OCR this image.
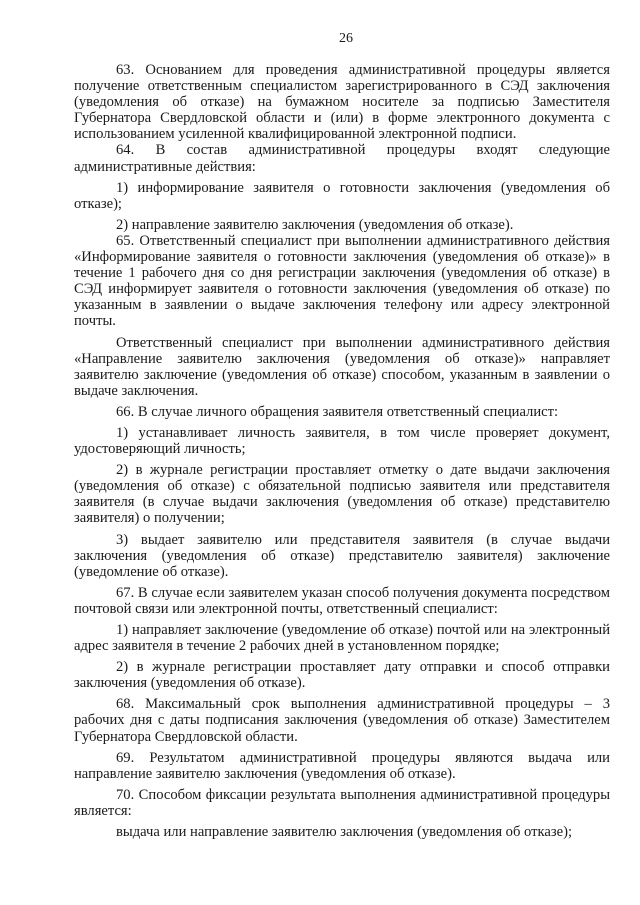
26

63. Основанием для проведения административной процедуры является получение ответственным специалистом зарегистрированного в СЭД заключения (уведомления об отказе) на бумажном носителе за подписью Заместителя Губернатора Свердловской области и (или) в форме электронного документа с использованием усиленной квалифицированной электронной подписи.

64. В состав административной процедуры входят следующие административные действия:

1) информирование заявителя о готовности заключения (уведомления об отказе);

2) направление заявителю заключения (уведомления об отказе).

65. Ответственный специалист при выполнении административного действия «Информирование заявителя о готовности заключения (уведомления об отказе)» в течение 1 рабочего дня со дня регистрации заключения (уведомления об отказе) в СЭД информирует заявителя о готовности заключения (уведомления об отказе) по указанным в заявлении о выдаче заключения телефону или адресу электронной почты.

Ответственный специалист при выполнении административного действия «Направление заявителю заключения (уведомления об отказе)» направляет заявителю заключение (уведомления об отказе) способом, указанным в заявлении о выдаче заключения.

66. В случае личного обращения заявителя ответственный специалист:

1) устанавливает личность заявителя, в том числе проверяет документ, удостоверяющий личность;

2) в журнале регистрации проставляет отметку о дате выдачи заключения (уведомления об отказе) с обязательной подписью заявителя или представителя заявителя (в случае выдачи заключения (уведомления об отказе) представителю заявителя) о получении;

3) выдает заявителю или представителя заявителя (в случае выдачи заключения (уведомления об отказе) представителю заявителя) заключение (уведомление об отказе).

67. В случае если заявителем указан способ получения документа посредством почтовой связи или электронной почты, ответственный специалист:

1) направляет заключение (уведомление об отказе) почтой или на электронный адрес заявителя в течение 2 рабочих дней в установленном порядке;

2) в журнале регистрации проставляет дату отправки и способ отправки заключения (уведомления об отказе).

68. Максимальный срок выполнения административной процедуры – 3 рабочих дня с даты подписания заключения (уведомления об отказе) Заместителем Губернатора Свердловской области.

69. Результатом административной процедуры являются выдача или направление заявителю заключения (уведомления об отказе).

70. Способом фиксации результата выполнения административной процедуры является:

выдача или направление заявителю заключения (уведомления об отказе);
